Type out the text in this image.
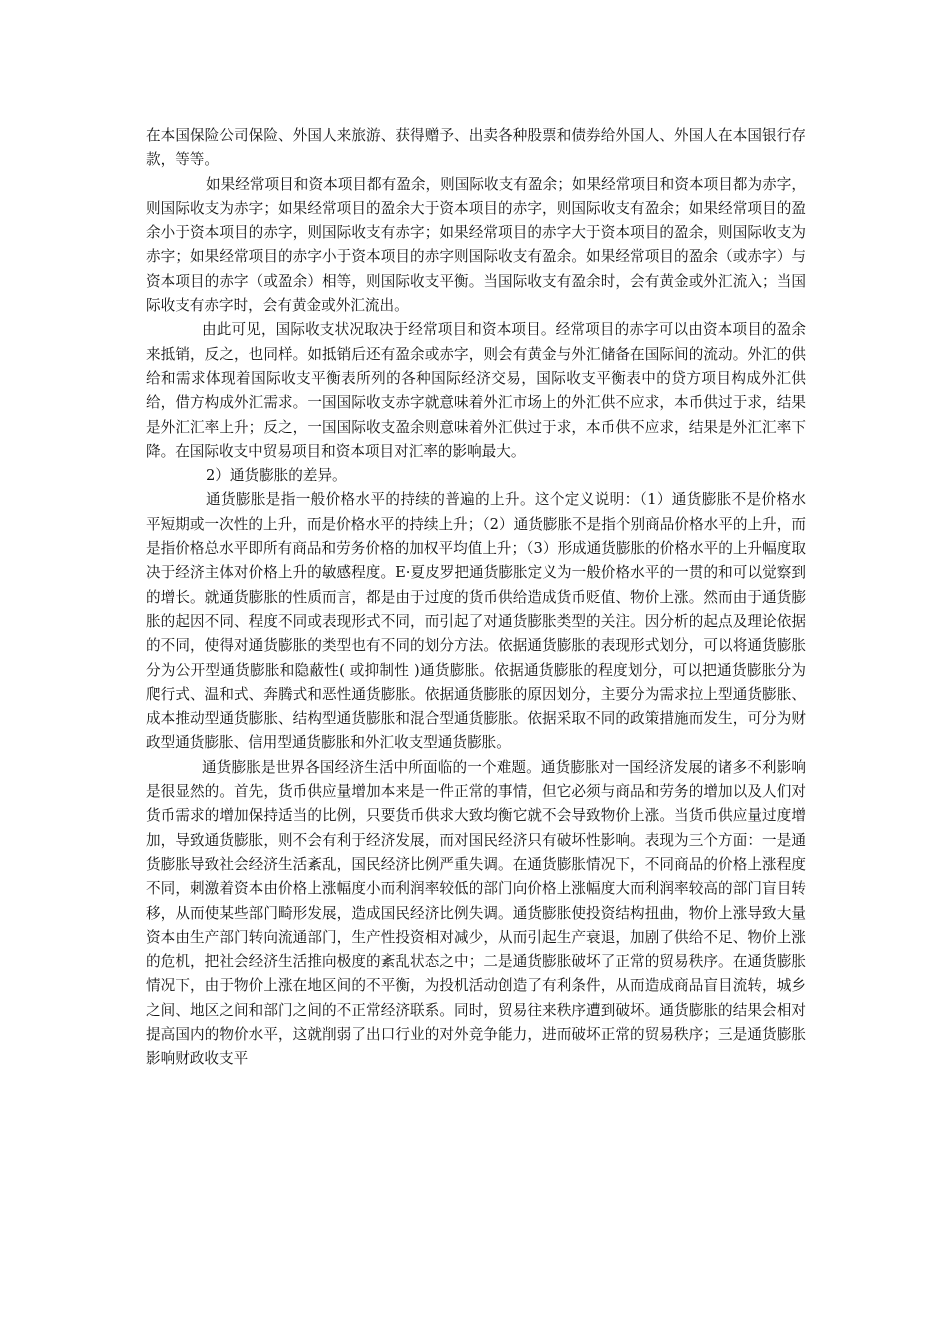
在本国保险公司保险、外国人来旅游、获得赠予、出卖各种股票和债券给外国人、外国人在本国银行存款，等等。

如果经常项目和资本项目都有盈余，则国际收支有盈余；如果经常项目和资本项目都为赤字，则国际收支为赤字；如果经常项目的盈余大于资本项目的赤字，则国际收支有盈余；如果经常项目的盈余小于资本项目的赤字，则国际收支有赤字；如果经常项目的赤字大于资本项目的盈余，则国际收支为赤字；如果经常项目的赤字小于资本项目的赤字则国际收支有盈余。如果经常项目的盈余（或赤字）与资本项目的赤字（或盈余）相等，则国际收支平衡。当国际收支有盈余时，会有黄金或外汇流入；当国际收支有赤字时，会有黄金或外汇流出。

由此可见，国际收支状况取决于经常项目和资本项目。经常项目的赤字可以由资本项目的盈余来抵销，反之，也同样。如抵销后还有盈余或赤字，则会有黄金与外汇储备在国际间的流动。外汇的供给和需求体现着国际收支平衡表所列的各种国际经济交易，国际收支平衡表中的贷方项目构成外汇供给，借方构成外汇需求。一国国际收支赤字就意味着外汇市场上的外汇供不应求，本币供过于求，结果是外汇汇率上升；反之，一国国际收支盈余则意味着外汇供过于求，本币供不应求，结果是外汇汇率下降。在国际收支中贸易项目和资本项目对汇率的影响最大。

2）通货膨胀的差异。

通货膨胀是指一般价格水平的持续的普遍的上升。这个定义说明：（1）通货膨胀不是价格水平短期或一次性的上升，而是价格水平的持续上升；（2）通货膨胀不是指个别商品价格水平的上升，而是指价格总水平即所有商品和劳务价格的加权平均值上升；（3）形成通货膨胀的价格水平的上升幅度取决于经济主体对价格上升的敏感程度。E·夏皮罗把通货膨胀定义为一般价格水平的一贯的和可以觉察到的增长。就通货膨胀的性质而言，都是由于过度的货币供给造成货币贬值、物价上涨。然而由于通货膨胀的起因不同、程度不同或表现形式不同，而引起了对通货膨胀类型的关注。因分析的起点及理论依据的不同，使得对通货膨胀的类型也有不同的划分方法。依据通货膨胀的表现形式划分，可以将通货膨胀分为公开型通货膨胀和隐蔽性( 或抑制性 )通货膨胀。依据通货膨胀的程度划分，可以把通货膨胀分为爬行式、温和式、奔腾式和恶性通货膨胀。依据通货膨胀的原因划分，主要分为需求拉上型通货膨胀、成本推动型通货膨胀、结构型通货膨胀和混合型通货膨胀。依据采取不同的政策措施而发生，可分为财政型通货膨胀、信用型通货膨胀和外汇收支型通货膨胀。

通货膨胀是世界各国经济生活中所面临的一个难题。通货膨胀对一国经济发展的诸多不利影响是很显然的。首先，货币供应量增加本来是一件正常的事情，但它必须与商品和劳务的增加以及人们对货币需求的增加保持适当的比例，只要货币供求大致均衡它就不会导致物价上涨。当货币供应量过度增加，导致通货膨胀，则不会有利于经济发展，而对国民经济只有破坏性影响。表现为三个方面：一是通货膨胀导致社会经济生活紊乱，国民经济比例严重失调。在通货膨胀情况下，不同商品的价格上涨程度不同，刺激着资本由价格上涨幅度小而利润率较低的部门向价格上涨幅度大而利润率较高的部门盲目转移，从而使某些部门畸形发展，造成国民经济比例失调。通货膨胀使投资结构扭曲，物价上涨导致大量资本由生产部门转向流通部门，生产性投资相对减少，从而引起生产衰退，加剧了供给不足、物价上涨的危机，把社会经济生活推向极度的紊乱状态之中；二是通货膨胀破坏了正常的贸易秩序。在通货膨胀情况下，由于物价上涨在地区间的不平衡，为投机活动创造了有利条件，从而造成商品盲目流转，城乡之间、地区之间和部门之间的不正常经济联系。同时，贸易往来秩序遭到破坏。通货膨胀的结果会相对提高国内的物价水平，这就削弱了出口行业的对外竞争能力，进而破坏正常的贸易秩序；三是通货膨胀影响财政收支平
